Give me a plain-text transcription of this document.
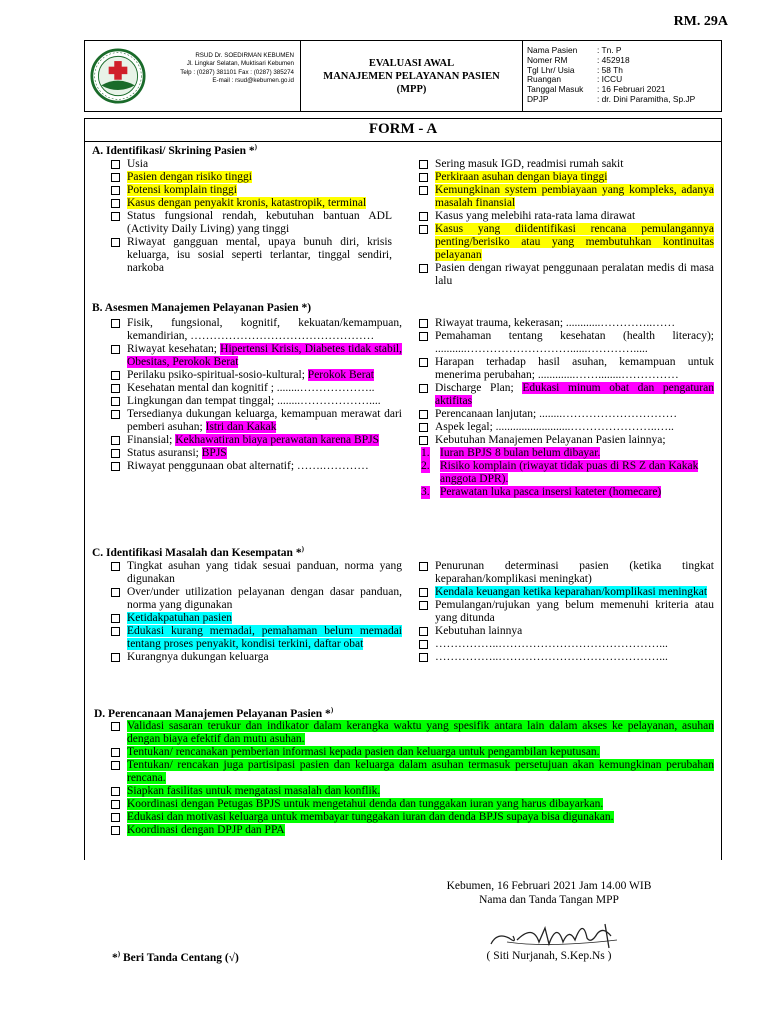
RM. 29A
RSUD Dr. SOEDIRMAN KEBUMEN
Jl. Lingkar Selatan, Muktisari Kebumen
Telp : (0287) 381101 Fax : (0287) 385274
E-mail : rsud@kebumen.go.id
EVALUASI AWAL
MANAJEMEN PELAYANAN PASIEN
(MPP)
Nama Pasien	: Tn. P
Nomer RM	: 452918
Tgl Lhr/ Usia	: 58 Th
Ruangan	: ICCU
Tanggal Masuk	: 16 Februari 2021
DPJP	: dr. Dini Paramitha, Sp.JP
FORM - A
A. Identifikasi/ Skrining Pasien *)
Usia
Pasien dengan risiko tinggi
Potensi komplain tinggi
Kasus dengan penyakit kronis, katastropik, terminal
Status fungsional rendah, kebutuhan bantuan ADL (Activity Daily Living) yang tinggi
Riwayat gangguan mental, upaya bunuh diri, krisis keluarga, isu sosial seperti terlantar, tinggal sendiri, narkoba
Sering masuk IGD, readmisi rumah sakit
Perkiraan asuhan dengan biaya tinggi
Kemungkinan system pembiayaan yang kompleks, adanya masalah finansial
Kasus yang melebihi rata-rata lama dirawat
Kasus yang diidentifikasi rencana pemulangannya penting/berisiko atau yang membutuhkan kontinuitas pelayanan
Pasien dengan riwayat penggunaan peralatan medis di masa lalu
B. Asesmen Manajemen Pelayanan Pasien *)
Fisik, fungsional, kognitif, kekuatan/kemampuan, kemandirian, …………………………………………
Riwayat kesehatan; Hipertensi Krisis, Diabetes tidak stabil, Obesitas, Perokok Berat
Perilaku psiko-spiritual-sosio-kultural; Perokok Berat
Kesehatan mental dan kognitif ; ........………………..
Lingkungan dan tempat tinggal; ........………………....
Tersedianya dukungan keluarga, kemampuan merawat dari pemberi asuhan; Istri dan Kakak
Finansial; Kekhawatiran biaya perawatan karena BPJS
Status asuransi; BPJS
Riwayat penggunaan obat alternatif; …….…………
Riwayat trauma, kekerasan; ............…………..……
Pemahaman tentang kesehatan (health literacy); ...........………………………......………….....
Harapan terhadap hasil asuhan, kemampuan untuk menerima perubahan; .............……........……………
Discharge Plan; Edukasi minum obat dan pengaturan aktifitas
Perencanaan lanjutan; ........…………………………
Aspek legal; ..........................…………………..…..
Kebutuhan Manajemen Pelayanan Pasien lainnya;
1. Iuran BPJS 8 bulan belum dibayar.
2. Risiko komplain (riwayat tidak puas di RS Z dan Kakak anggota DPR).
3. Perawatan luka pasca insersi kateter (homecare)
C. Identifikasi Masalah dan Kesempatan *)
Tingkat asuhan yang tidak sesuai panduan, norma yang digunakan
Over/under utilization pelayanan dengan dasar panduan, norma yang digunakan
Ketidakpatuhan pasien
Edukasi kurang memadai, pemahaman belum memadai tentang proses penyakit, kondisi terkini, daftar obat
Kurangnya dukungan keluarga
Penurunan determinasi pasien (ketika tingkat keparahan/komplikasi meningkat)
Kendala keuangan ketika keparahan/komplikasi meningkat
Pemulangan/rujukan yang belum memenuhi kriteria atau yang ditunda
Kebutuhan lainnya
……………..……………………………………...
……………..……………………………………...
D. Perencanaan Manajemen Pelayanan Pasien *)
Validasi sasaran terukur dan indikator dalam kerangka waktu yang spesifik antara lain dalam akses ke pelayanan, asuhan dengan biaya efektif dan mutu asuhan.
Tentukan/ rencanakan pemberian informasi kepada pasien dan keluarga untuk pengambilan keputusan.
Tentukan/ rencakan juga partisipasi pasien dan keluarga dalam asuhan termasuk persetujuan akan kemungkinan perubahan rencana.
Siapkan fasilitas untuk mengatasi masalah dan konflik.
Koordinasi dengan Petugas BPJS untuk mengetahui denda dan tunggakan iuran yang harus dibayarkan.
Edukasi dan motivasi keluarga untuk membayar tunggakan iuran dan denda BPJS supaya bisa digunakan.
Koordinasi dengan DPJP dan PPA
Kebumen, 16 Februari 2021 Jam 14.00 WIB
Nama dan Tanda Tangan MPP
( Siti Nurjanah, S.Kep.Ns )
*) Beri Tanda Centang (√)
